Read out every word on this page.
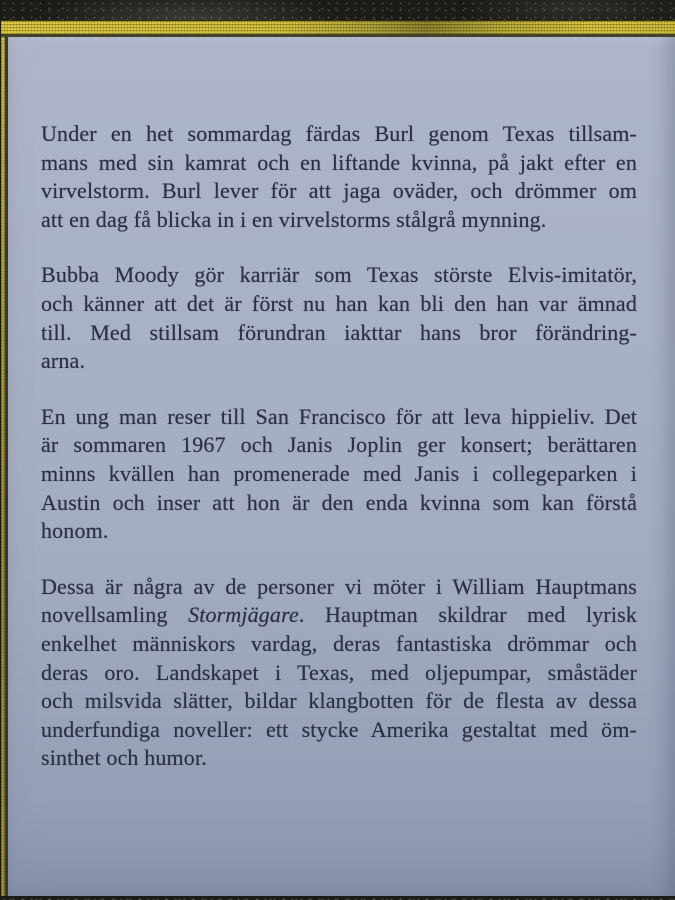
Under en het sommardag färdas Burl genom Texas tillsam-
mans med sin kamrat och en liftande kvinna, på jakt efter en
virvelstorm. Burl lever för att jaga oväder, och drömmer om
att en dag få blicka in i en virvelstorms stålgrå mynning.
Bubba Moody gör karriär som Texas störste Elvis-imitatör,
och känner att det är först nu han kan bli den han var ämnad
till. Med stillsam förundran iakttar hans bror förändring-
arna.
En ung man reser till San Francisco för att leva hippieliv. Det
är sommaren 1967 och Janis Joplin ger konsert; berättaren
minns kvällen han promenerade med Janis i collegeparken i
Austin och inser att hon är den enda kvinna som kan förstå
honom.
Dessa är några av de personer vi möter i William Hauptmans
novellsamling Stormjägare. Hauptman skildrar med lyrisk
enkelhet människors vardag, deras fantastiska drömmar och
deras oro. Landskapet i Texas, med oljepumpar, småstäder
och milsvida slätter, bildar klangbotten för de flesta av dessa
underfundiga noveller: ett stycke Amerika gestaltat med öm-
sinthet och humor.
